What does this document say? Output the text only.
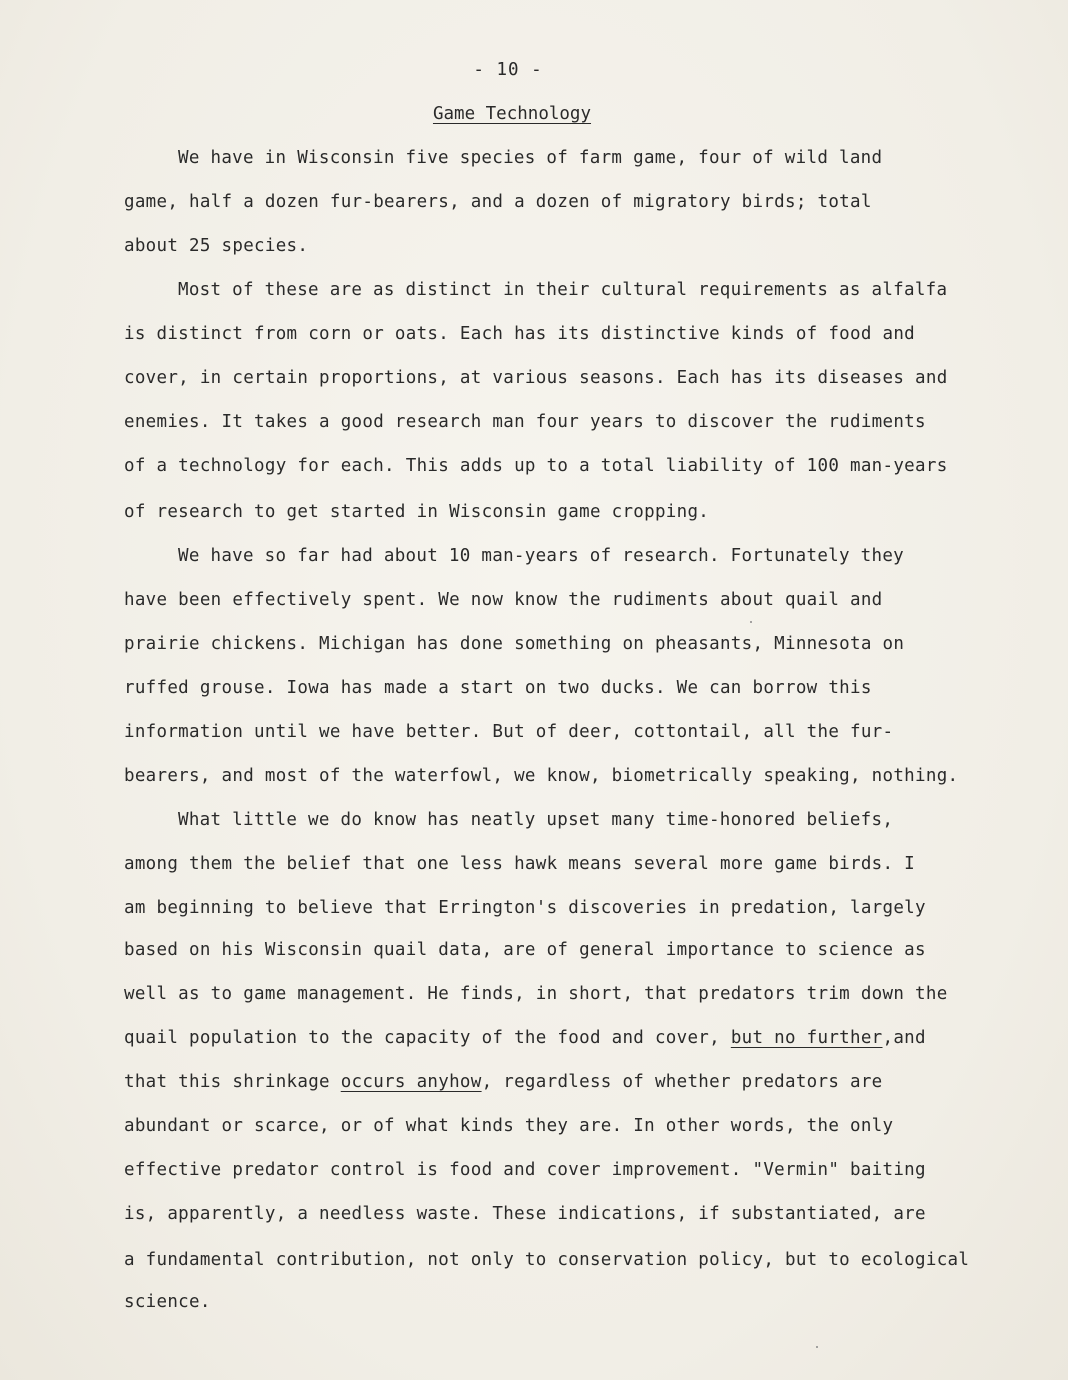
- 10 -
Game Technology
We have in Wisconsin five species of farm game, four of wild land
game, half a dozen fur-bearers, and a dozen of migratory birds; total
about 25 species.
Most of these are as distinct in their cultural requirements as alfalfa
is distinct from corn or oats. Each has its distinctive kinds of food and
cover, in certain proportions, at various seasons. Each has its diseases and
enemies. It takes a good research man four years to discover the rudiments
of a technology for each. This adds up to a total liability of 100 man-years
of research to get started in Wisconsin game cropping.
We have so far had about 10 man-years of research. Fortunately they
have been effectively spent. We now know the rudiments about quail and
prairie chickens. Michigan has done something on pheasants, Minnesota on
ruffed grouse. Iowa has made a start on two ducks. We can borrow this
information until we have better. But of deer, cottontail, all the fur-
bearers, and most of the waterfowl, we know, biometrically speaking, nothing.
What little we do know has neatly upset many time-honored beliefs,
among them the belief that one less hawk means several more game birds. I
am beginning to believe that Errington's discoveries in predation, largely
based on his Wisconsin quail data, are of general importance to science as
well as to game management. He finds, in short, that predators trim down the
quail population to the capacity of the food and cover, but no further,and
that this shrinkage occurs anyhow, regardless of whether predators are
abundant or scarce, or of what kinds they are. In other words, the only
effective predator control is food and cover improvement. "Vermin" baiting
is, apparently, a needless waste. These indications, if substantiated, are
a fundamental contribution, not only to conservation policy, but to ecological
science.
